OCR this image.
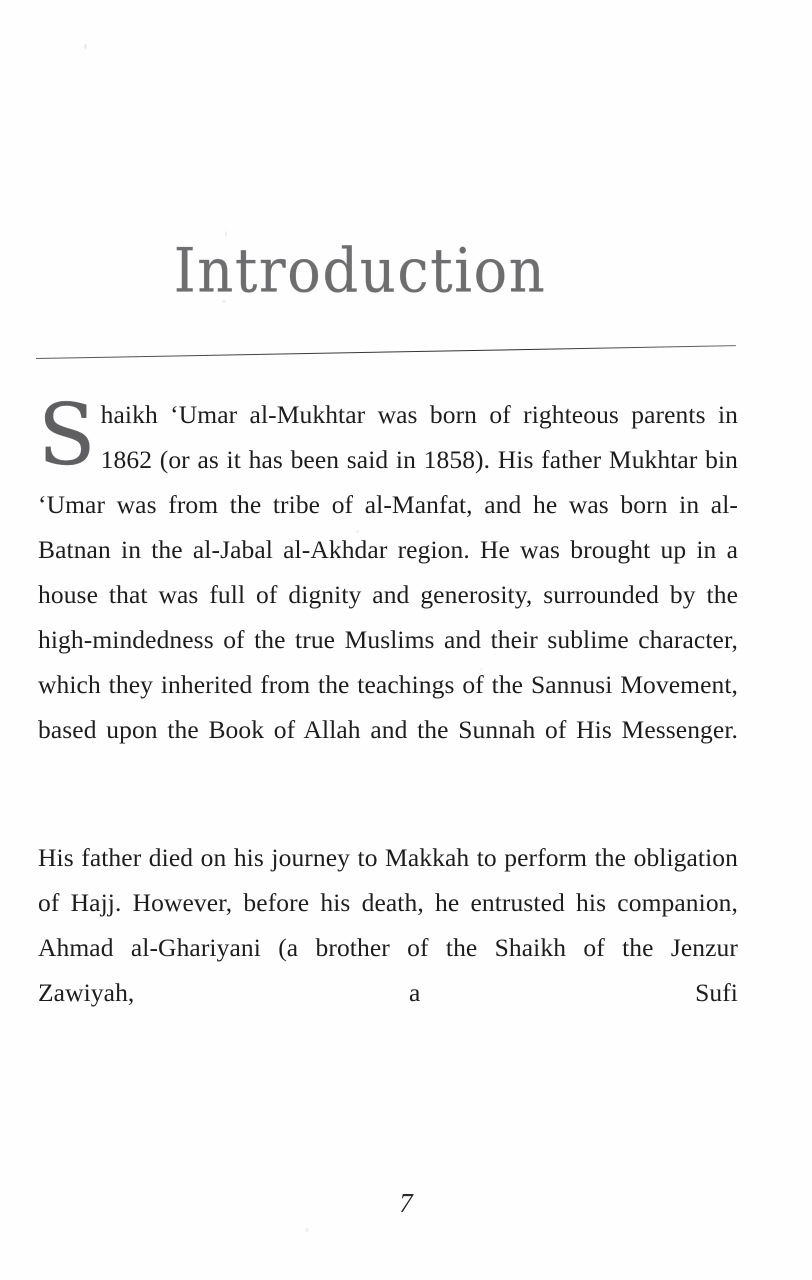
Introduction

Shaikh ‘Umar al-Mukhtar was born of righteous parents in 1862 (or as it has been said in 1858). His father Mukhtar bin ‘Umar was from the tribe of al-Manfat, and he was born in al-Batnan in the al-Jabal al-Akhdar region. He was brought up in a house that was full of dignity and generosity, surrounded by the high-mindedness of the true Muslims and their sublime character, which they inherited from the teachings of the Sannusi Movement, based upon the Book of Allah and the Sunnah of His Messenger.

His father died on his journey to Makkah to perform the obligation of Hajj. However, before his death, he entrusted his companion, Ahmad al-Ghariyani (a brother of the Shaikh of the Jenzur Zawiyah, a Sufi

7
